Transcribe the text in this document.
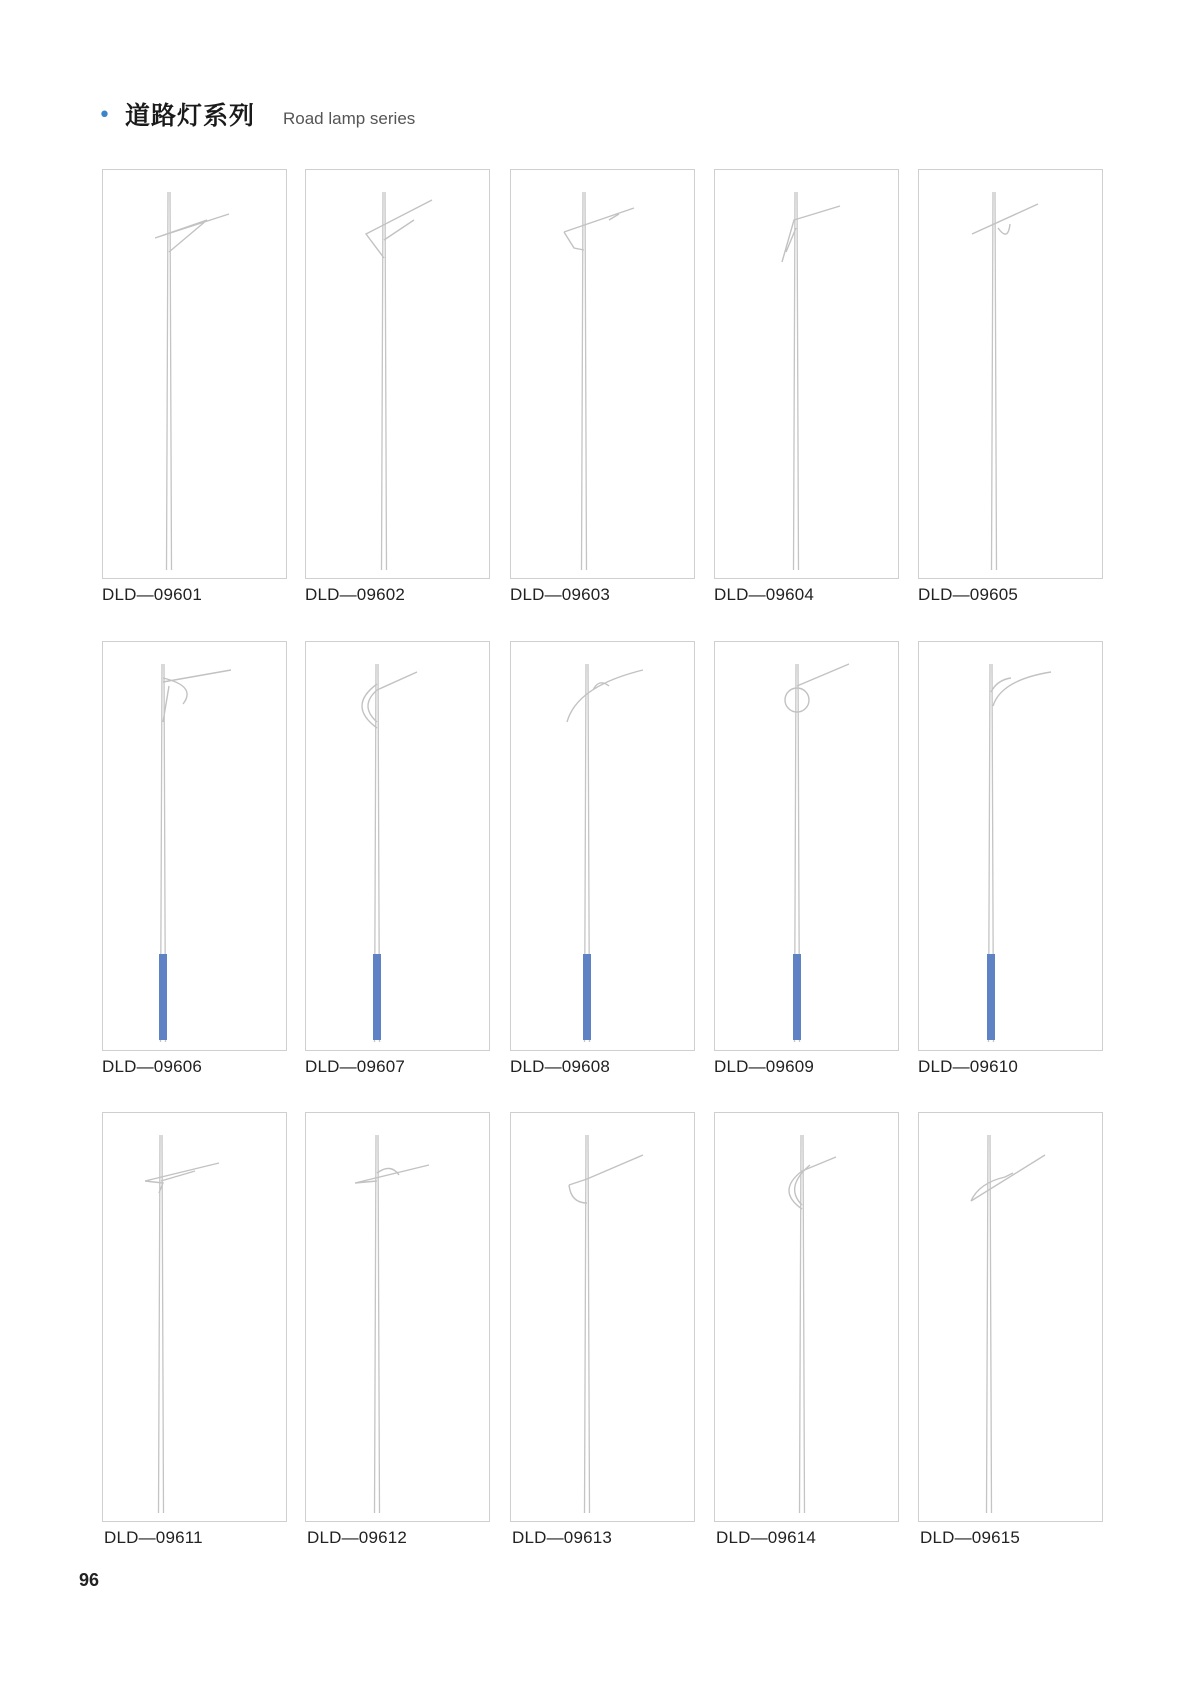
• 道路灯系列 Road lamp series
DLD—09601	DLD—09602	DLD—09603	DLD—09604	DLD—09605
DLD—09606	DLD—09607	DLD—09608	DLD—09609	DLD—09610
DLD—09611	DLD—09612	DLD—09613	DLD—09614	DLD—09615
96
